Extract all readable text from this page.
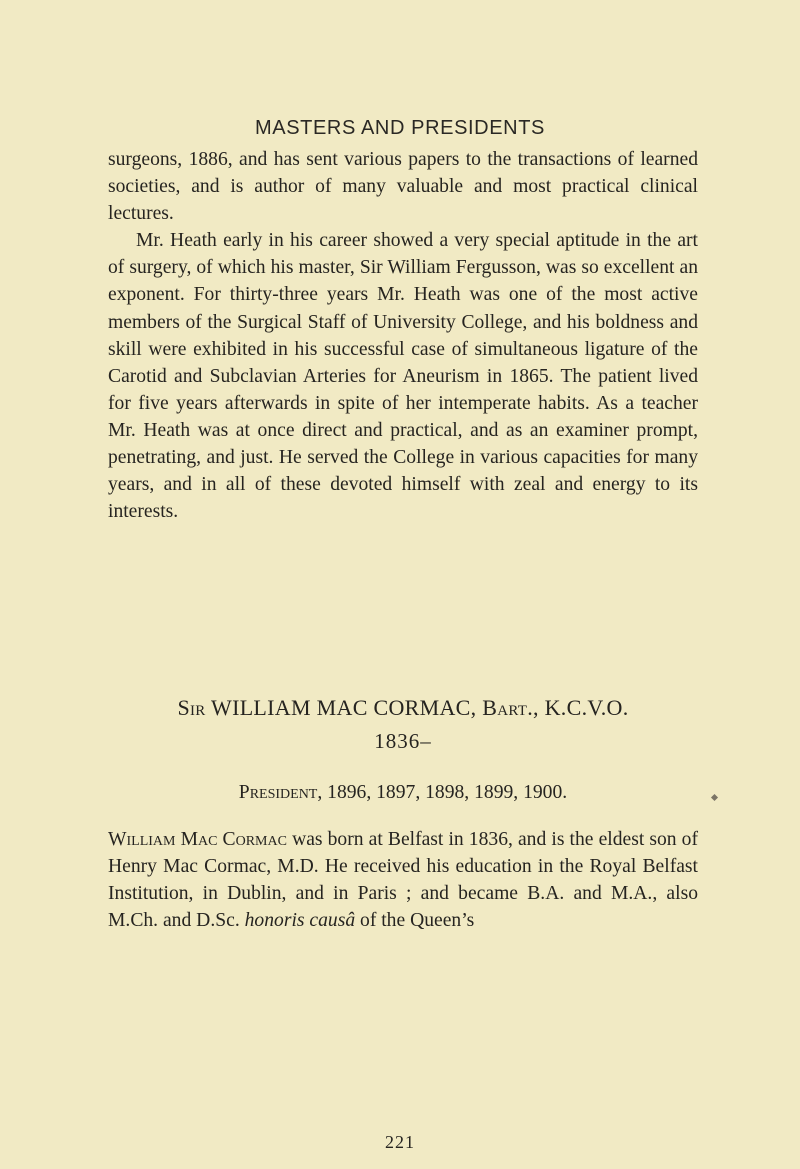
MASTERS AND PRESIDENTS

surgeons, 1886, and has sent various papers to the transactions of learned societies, and is author of many valuable and most practical clinical lectures.

Mr. Heath early in his career showed a very special aptitude in the art of surgery, of which his master, Sir William Fergusson, was so excellent an exponent. For thirty-three years Mr. Heath was one of the most active members of the Surgical Staff of University College, and his boldness and skill were exhibited in his successful case of simultaneous ligature of the Carotid and Subclavian Arteries for Aneurism in 1865. The patient lived for five years afterwards in spite of her intemperate habits. As a teacher Mr. Heath was at once direct and practical, and as an examiner prompt, penetrating, and just. He served the College in various capacities for many years, and in all of these devoted himself with zeal and energy to its interests.

Sir WILLIAM MAC CORMAC, Bart., K.C.V.O.
1836–
President, 1896, 1897, 1898, 1899, 1900.

William Mac Cormac was born at Belfast in 1836, and is the eldest son of Henry Mac Cormac, M.D. He received his education in the Royal Belfast Institution, in Dublin, and in Paris ; and became B.A. and M.A., also M.Ch. and D.Sc. honoris causâ of the Queen’s

221
